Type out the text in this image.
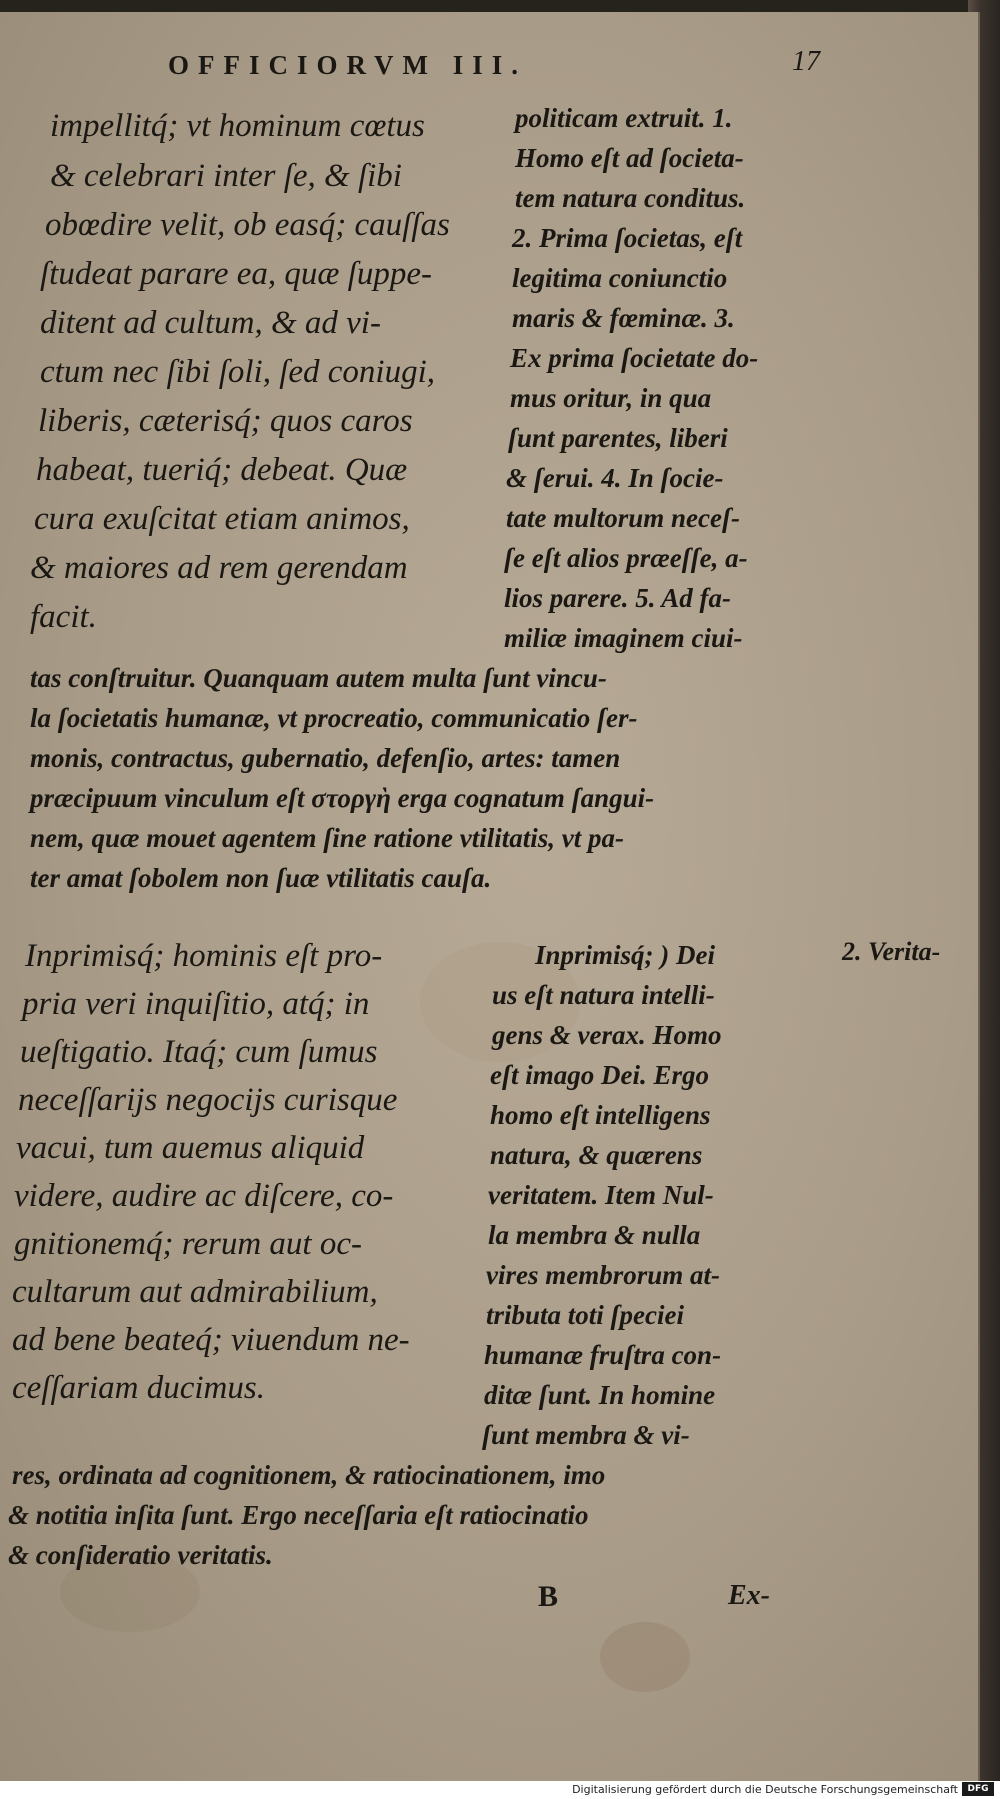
OFFICIORVM III.	17
impellitq́; vt hominum cœtus
& celebrari inter ſe, & ſibi
obœdire velit, ob easq́; cauſſas
ſtudeat parare ea, quæ ſuppe-
ditent ad cultum, & ad vi-
ctum nec ſibi ſoli, ſed coniugi,
liberis, cæterisq́; quos caros
habeat, tueriq́; debeat. Quæ
cura exuſcitat etiam animos,
& maiores ad rem gerendam
facit.
politicam extruit. 1.
Homo eſt ad ſocieta-
tem natura conditus.
2. Prima ſocietas, eſt
legitima coniunctio
maris & fœminæ. 3.
Ex prima ſocietate do-
mus oritur, in qua
ſunt parentes, liberi
& ſerui. 4. In ſocie-
tate multorum neceſ-
ſe eſt alios præeſſe, a-
lios parere. 5. Ad fa-
miliæ imaginem ciui-
tas conſtruitur. Quanquam autem multa ſunt vincu-
la ſocietatis humanæ, vt procreatio, communicatio ſer-
monis, contractus, gubernatio, defenſio, artes: tamen
præcipuum vinculum eſt στοργὴ erga cognatum ſangui-
nem, quæ mouet agentem ſine ratione vtilitatis, vt pa-
ter amat ſobolem non ſuæ vtilitatis cauſa.
Inprimisq́; hominis eſt pro-
pria veri inquiſitio, atq́; in
ueſtigatio. Itaq́; cum ſumus
neceſſarijs negocijs curisque
vacui, tum auemus aliquid
videre, audire ac diſcere, co-
gnitionemq́; rerum aut oc-
cultarum aut admirabilium,
ad bene beateq́; viuendum ne-
ceſſariam ducimus.
Inprimisq́; ) Dei
us eſt natura intelli-
gens & verax. Homo
eſt imago Dei. Ergo
homo eſt intelligens
natura, & quærens
veritatem. Item Nul-
la membra & nulla
vires membrorum at-
tributa toti ſpeciei
humanæ fruſtra con-
ditæ ſunt. In homine
ſunt membra & vi-
res, ordinata ad cognitionem, & ratiocinationem, imo
& notitia inſita ſunt. Ergo neceſſaria eſt ratiocinatio
& conſideratio veritatis.
2. Verita-
B	Ex-
Digitalisierung gefördert durch die Deutsche Forschungsgemeinschaft	DFG
